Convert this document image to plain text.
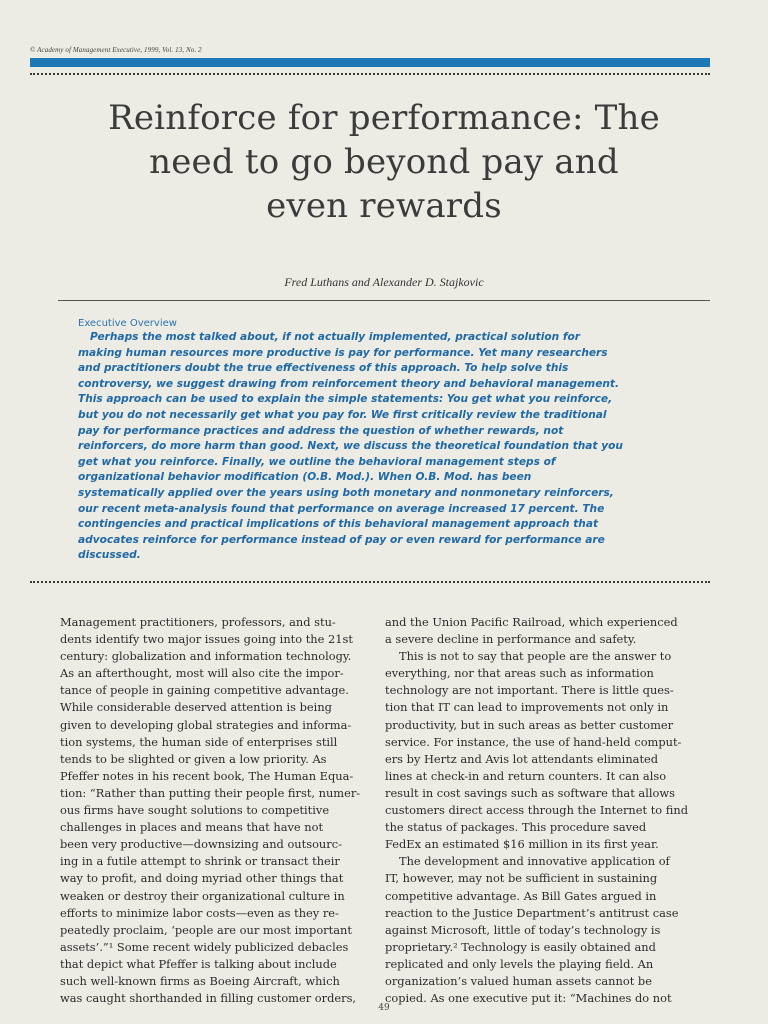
© Academy of Management Executive, 1999, Vol. 13, No. 2
Reinforce for performance: The
need to go beyond pay and
even rewards
Fred Luthans and Alexander D. Stajkovic
Executive Overview
Perhaps the most talked about, if not actually implemented, practical solution for
making human resources more productive is pay for performance. Yet many researchers
and practitioners doubt the true effectiveness of this approach. To help solve this
controversy, we suggest drawing from reinforcement theory and behavioral management.
This approach can be used to explain the simple statements: You get what you reinforce,
but you do not necessarily get what you pay for. We first critically review the traditional
pay for performance practices and address the question of whether rewards, not
reinforcers, do more harm than good. Next, we discuss the theoretical foundation that you
get what you reinforce. Finally, we outline the behavioral management steps of
organizational behavior modification (O.B. Mod.). When O.B. Mod. has been
systematically applied over the years using both monetary and nonmonetary reinforcers,
our recent meta-analysis found that performance on average increased 17 percent. The
contingencies and practical implications of this behavioral management approach that
advocates reinforce for performance instead of pay or even reward for performance are
discussed.
Management practitioners, professors, and stu-
dents identify two major issues going into the 21st
century: globalization and information technology.
As an afterthought, most will also cite the impor-
tance of people in gaining competitive advantage.
While considerable deserved attention is being
given to developing global strategies and informa-
tion systems, the human side of enterprises still
tends to be slighted or given a low priority. As
Pfeffer notes in his recent book, The Human Equa-
tion: “Rather than putting their people first, numer-
ous firms have sought solutions to competitive
challenges in places and means that have not
been very productive—downsizing and outsourc-
ing in a futile attempt to shrink or transact their
way to profit, and doing myriad other things that
weaken or destroy their organizational culture in
efforts to minimize labor costs—even as they re-
peatedly proclaim, ‘people are our most important
assets’.”¹ Some recent widely publicized debacles
that depict what Pfeffer is talking about include
such well-known firms as Boeing Aircraft, which
was caught shorthanded in filling customer orders,
and the Union Pacific Railroad, which experienced
a severe decline in performance and safety.
This is not to say that people are the answer to
everything, nor that areas such as information
technology are not important. There is little ques-
tion that IT can lead to improvements not only in
productivity, but in such areas as better customer
service. For instance, the use of hand-held comput-
ers by Hertz and Avis lot attendants eliminated
lines at check-in and return counters. It can also
result in cost savings such as software that allows
customers direct access through the Internet to find
the status of packages. This procedure saved
FedEx an estimated $16 million in its first year.
The development and innovative application of
IT, however, may not be sufficient in sustaining
competitive advantage. As Bill Gates argued in
reaction to the Justice Department’s antitrust case
against Microsoft, little of today’s technology is
proprietary.² Technology is easily obtained and
replicated and only levels the playing field. An
organization’s valued human assets cannot be
copied. As one executive put it: “Machines do not
49
